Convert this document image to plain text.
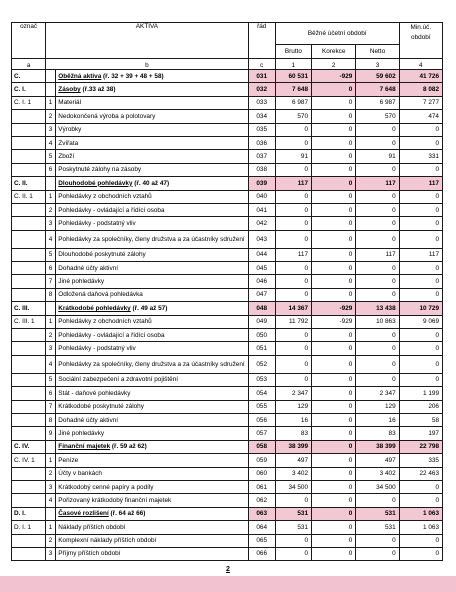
označ	AKTIVA		řád	Běžné účetní období			Min.úč. období
				Brutto	Korekce	Netto	
a	b		c	1	2	3	4
C.		Oběžná aktiva (ř. 32 + 39 + 48 + 58)	031	60 531	-929	59 602	41 726
C. I.		Zásoby (ř.33 až 38)	032	7 648	0	7 648	8 082
C. I. 1	1	Materiál	033	6 987	0	6 987	7 277
	2	Nedokončená výroba a polotovary	034	570	0	570	474
	3	Výrobky	035	0	0	0	0
	4	Zvířata	036	0	0	0	0
	5	Zboží	037	91	0	91	331
	6	Poskytnuté zálohy na zásoby	038	0	0	0	0
C. II.		Dlouhodobé pohledávky (ř. 40 až 47)	039	117	0	117	117
C. II. 1	1	Pohledávky z obchodních vztahů	040	0	0	0	0
	2	Pohledávky - ovládající a řídící osoba	041	0	0	0	0
	3	Pohledávky - podstatný vliv	042	0	0	0	0
	4	Pohledávky za společníky, členy družstva a za účastníky sdružení	043	0	0	0	0
	5	Dlouhodobé poskytnuté zálohy	044	117	0	117	117
	6	Dohadné účty aktivní	045	0	0	0	0
	7	Jiné pohledávky	046	0	0	0	0
	8	Odložená daňová pohledávka	047	0	0	0	0
C. III.		Krátkodobé pohledávky (ř. 49 až 57)	048	14 367	-929	13 438	10 729
C. III. 1	1	Pohledávky z obchodních vztahů	049	11 792	-929	10 863	9 069
	2	Pohledávky - ovládající a řídící osoba	050	0	0	0	0
	3	Pohledávky - podstatný vliv	051	0	0	0	0
	4	Pohledávky za společníky, členy družstva a za účastníky sdružení	052	0	0	0	0
	5	Sociální zabezpečení a zdravotní pojištění	053	0	0	0	0
	6	Stát - daňové pohledávky	054	2 347	0	2 347	1 199
	7	Krátkodobé poskytnuté zálohy	055	129	0	129	206
	8	Dohadné účty aktivní	056	16	0	16	58
	9	Jiné pohledávky	057	83	0	83	197
C. IV.		Finanční majetek (ř. 59 až 62)	058	38 399	0	38 399	22 798
C. IV. 1	1	Peníze	059	497	0	497	335
	2	Účty v bankách	060	3 402	0	3 402	22 463
	3	Krátkodobý cenné papíry a podíly	061	34 500	0	34 500	0
	4	Pořizovaný krátkodobý finanční majetek	062	0	0	0	0
D. I.		Časové rozlišení (ř. 64 až 66)	063	531	0	531	1 063
D. I. 1	1	Náklady příštích období	064	531	0	531	1 063
	2	Komplexní náklady příštích období	065	0	0	0	0
	3	Příjmy příštích období	066	0	0	0	0
2
